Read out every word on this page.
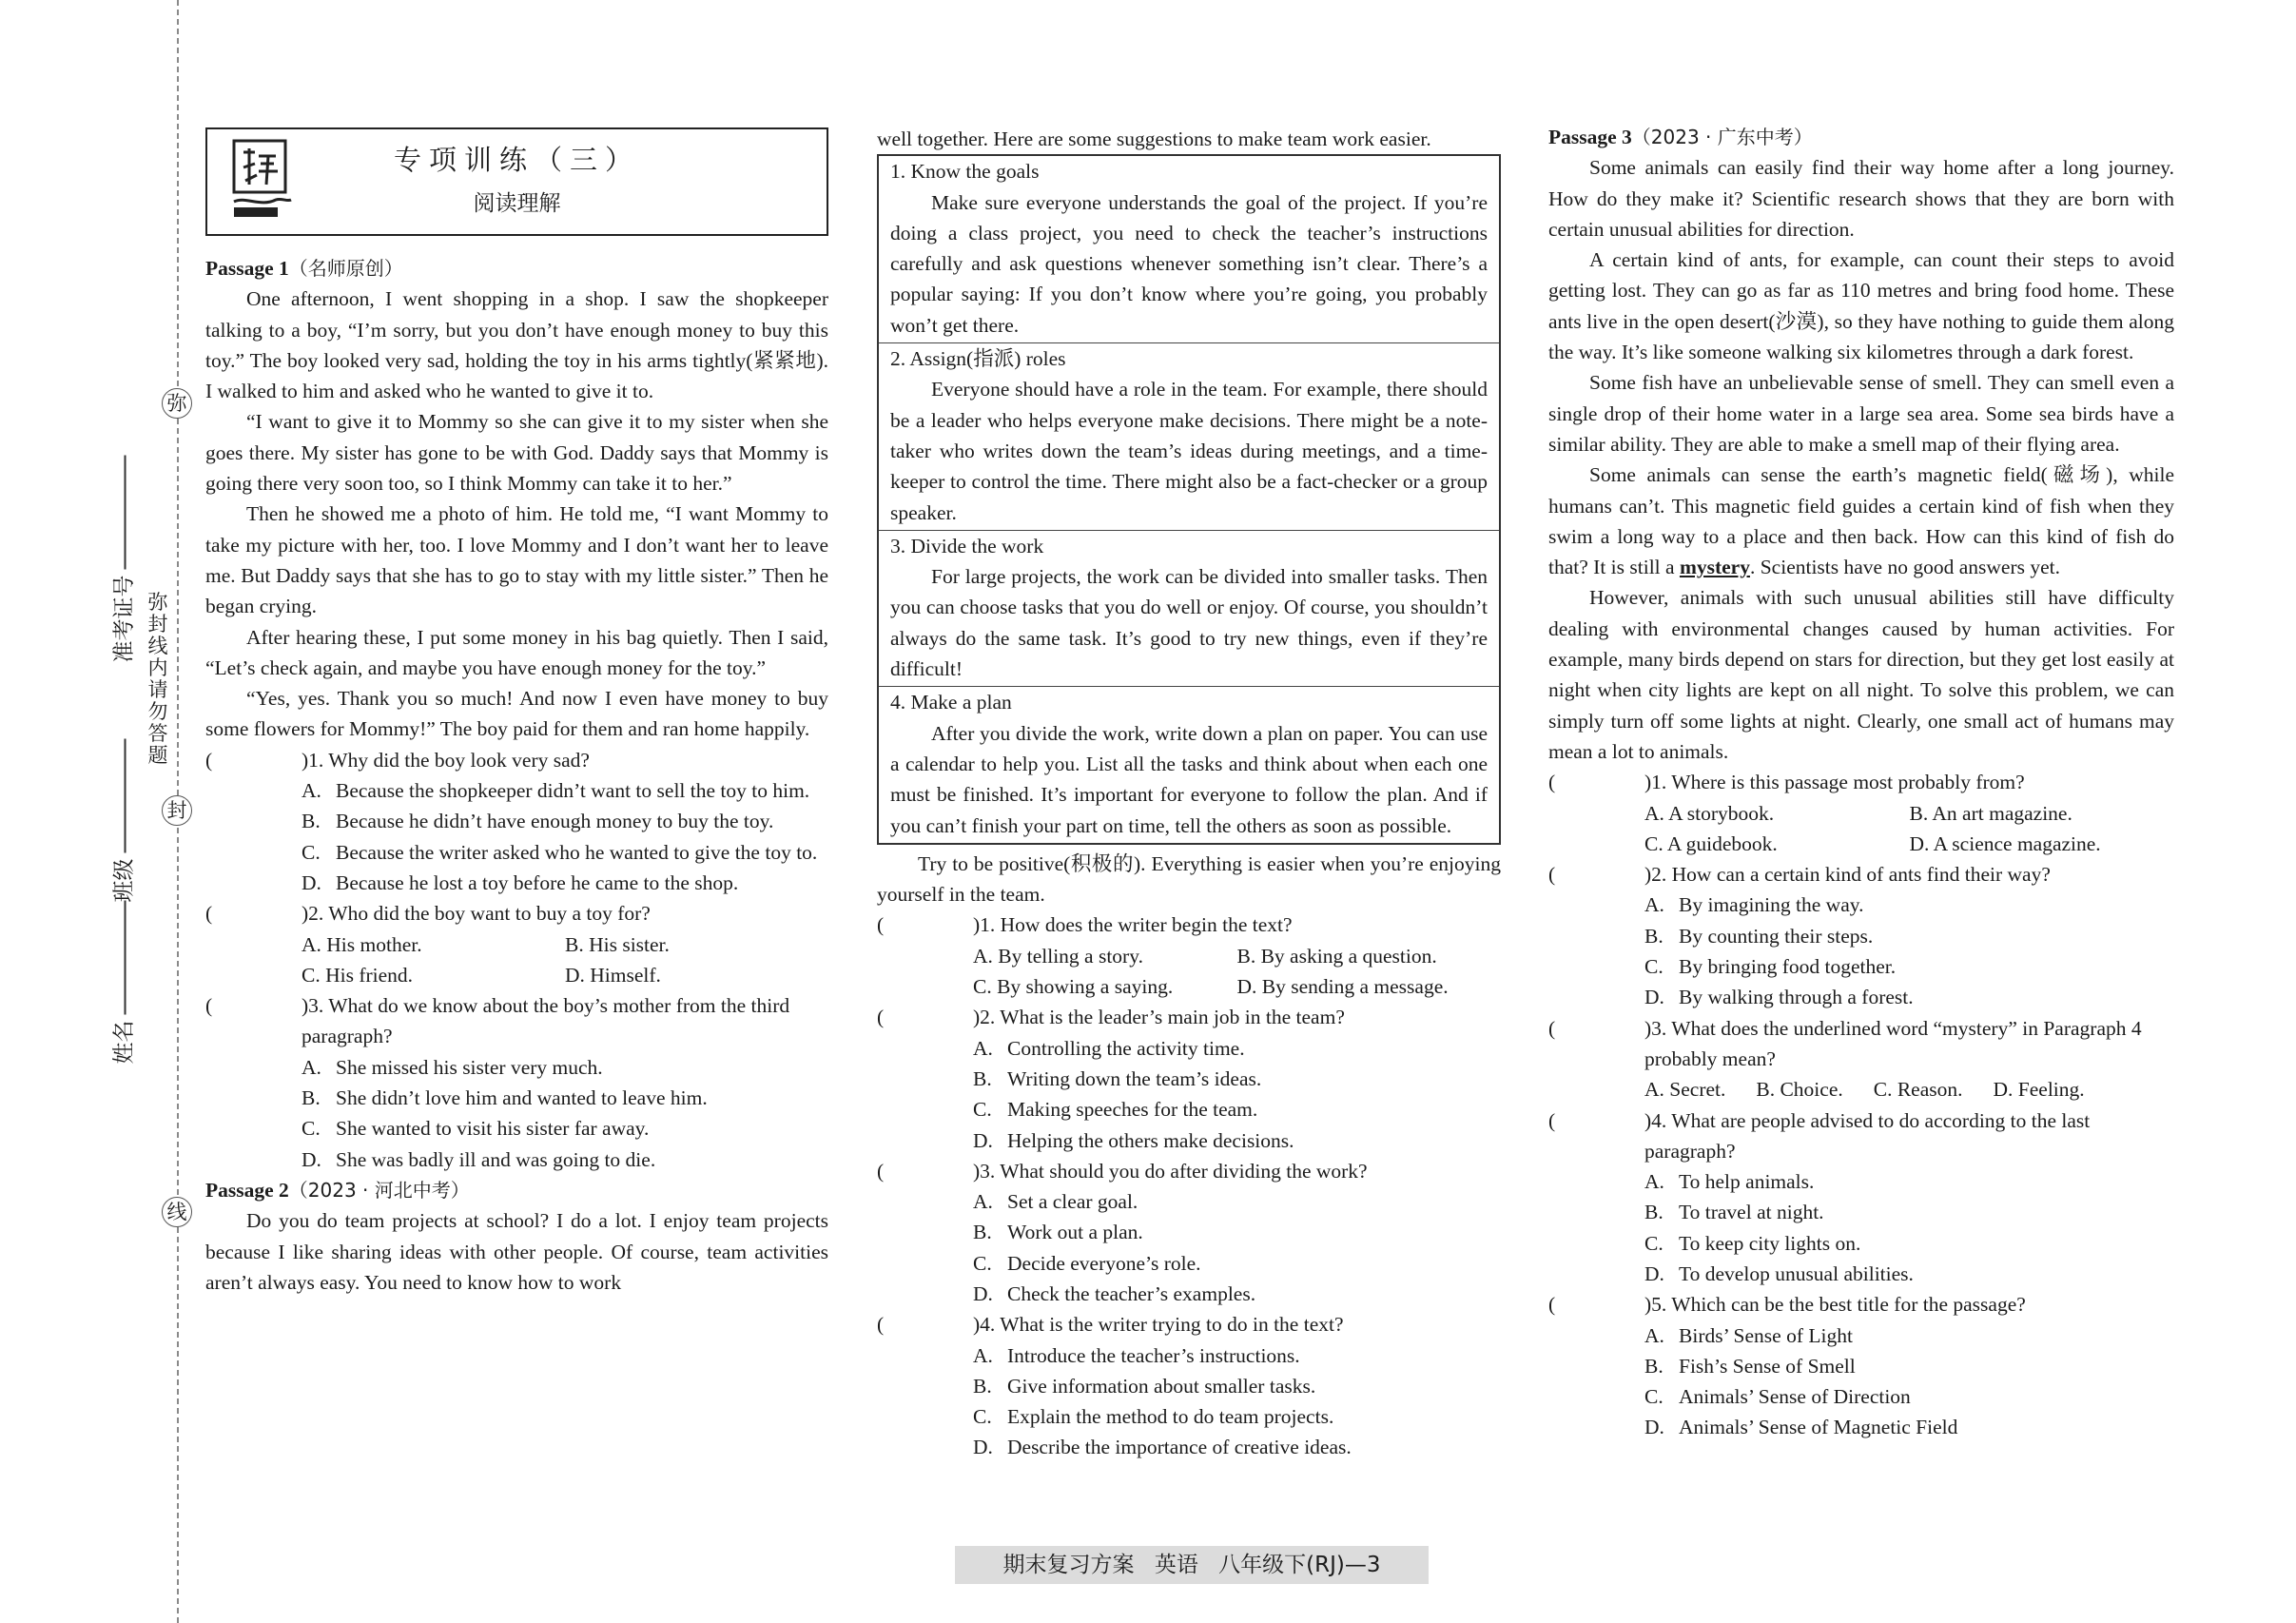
弥
封
线
弥封线内请勿答题
准考证号
班级
姓名
专项训练（三）
阅读理解

Passage 1（名师原创）

One afternoon, I went shopping in a shop. I saw the shopkeeper talking to a boy, “I’m sorry, but you don’t have enough money to buy this toy.” The boy looked very sad, holding the toy in his arms tightly(紧紧地). I walked to him and asked who he wanted to give it to.

“I want to give it to Mommy so she can give it to my sister when she goes there. My sister has gone to be with God. Daddy says that Mommy is going there very soon too, so I think Mommy can take it to her.”

Then he showed me a photo of him. He told me, “I want Mommy to take my picture with her, too. I love Mommy and I don’t want her to leave me. But Daddy says that she has to go to stay with my little sister.” Then he began crying.

After hearing these, I put some money in his bag quietly. Then I said, “Let’s check again, and maybe you have enough money for the toy.”

“Yes, yes. Thank you so much! And now I even have money to buy some flowers for Mommy!” The boy paid for them and ran home happily.

(	)1. Why did the boy look very sad?
A. Because the shopkeeper didn’t want to sell the toy to him.
B. Because he didn’t have enough money to buy the toy.
C. Because the writer asked who he wanted to give the toy to.
D. Because he lost a toy before he came to the shop.
(	)2. Who did the boy want to buy a toy for?
A. His mother.	B. His sister.
C. His friend.	D. Himself.
(	)3. What do we know about the boy’s mother from the third paragraph?
A. She missed his sister very much.
B. She didn’t love him and wanted to leave him.
C. She wanted to visit his sister far away.
D. She was badly ill and was going to die.

Passage 2（2023 · 河北中考）

Do you do team projects at school? I do a lot. I enjoy team projects because I like sharing ideas with other people. Of course, team activities aren’t always easy. You need to know how to work

well together. Here are some suggestions to make team work easier.

1. Know the goals

Make sure everyone understands the goal of the project. If you’re doing a class project, you need to check the teacher’s instructions carefully and ask questions whenever something isn’t clear. There’s a popular saying: If you don’t know where you’re going, you probably won’t get there.

2. Assign(指派) roles

Everyone should have a role in the team. For example, there should be a leader who helps everyone make decisions. There might be a note-taker who writes down the team’s ideas during meetings, and a time-keeper to control the time. There might also be a fact-checker or a group speaker.

3. Divide the work

For large projects, the work can be divided into smaller tasks. Then you can choose tasks that you do well or enjoy. Of course, you shouldn’t always do the same task. It’s good to try new things, even if they’re difficult!

4. Make a plan

After you divide the work, write down a plan on paper. You can use a calendar to help you. List all the tasks and think about when each one must be finished. It’s important for everyone to follow the plan. And if you can’t finish your part on time, tell the others as soon as possible.

Try to be positive(积极的). Everything is easier when you’re enjoying yourself in the team.

(	)1. How does the writer begin the text?
A. By telling a story.	B. By asking a question.
C. By showing a saying.	D. By sending a message.
(	)2. What is the leader’s main job in the team?
A. Controlling the activity time.
B. Writing down the team’s ideas.
C. Making speeches for the team.
D. Helping the others make decisions.
(	)3. What should you do after dividing the work?
A. Set a clear goal.
B. Work out a plan.
C. Decide everyone’s role.
D. Check the teacher’s examples.
(	)4. What is the writer trying to do in the text?
A. Introduce the teacher’s instructions.
B. Give information about smaller tasks.
C. Explain the method to do team projects.
D. Describe the importance of creative ideas.

Passage 3（2023 · 广东中考）

Some animals can easily find their way home after a long journey. How do they make it? Scientific research shows that they are born with certain unusual abilities for direction.

A certain kind of ants, for example, can count their steps to avoid getting lost. They can go as far as 110 metres and bring food home. These ants live in the open desert(沙漠), so they have nothing to guide them along the way. It’s like someone walking six kilometres through a dark forest.

Some fish have an unbelievable sense of smell. They can smell even a single drop of their home water in a large sea area. Some sea birds have a similar ability. They are able to make a smell map of their flying area.

Some animals can sense the earth’s magnetic field(磁场), while humans can’t. This magnetic field guides a certain kind of fish when they swim a long way to a place and then back. How can this kind of fish do that? It is still a mystery. Scientists have no good answers yet.

However, animals with such unusual abilities still have difficulty dealing with environmental changes caused by human activities. For example, many birds depend on stars for direction, but they get lost easily at night when city lights are kept on all night. To solve this problem, we can simply turn off some lights at night. Clearly, one small act of humans may mean a lot to animals.

(	)1. Where is this passage most probably from?
A. A storybook.	B. An art magazine.
C. A guidebook.	D. A science magazine.
(	)2. How can a certain kind of ants find their way?
A. By imagining the way.
B. By counting their steps.
C. By bringing food together.
D. By walking through a forest.
(	)3. What does the underlined word “mystery” in Paragraph 4 probably mean?
A. Secret. B. Choice. C. Reason. D. Feeling.
(	)4. What are people advised to do according to the last paragraph?
A. To help animals.
B. To travel at night.
C. To keep city lights on.
D. To develop unusual abilities.
(	)5. Which can be the best title for the passage?
A. Birds’ Sense of Light
B. Fish’s Sense of Smell
C. Animals’ Sense of Direction
D. Animals’ Sense of Magnetic Field
期末复习方案 英语 八年级下(RJ)—3
